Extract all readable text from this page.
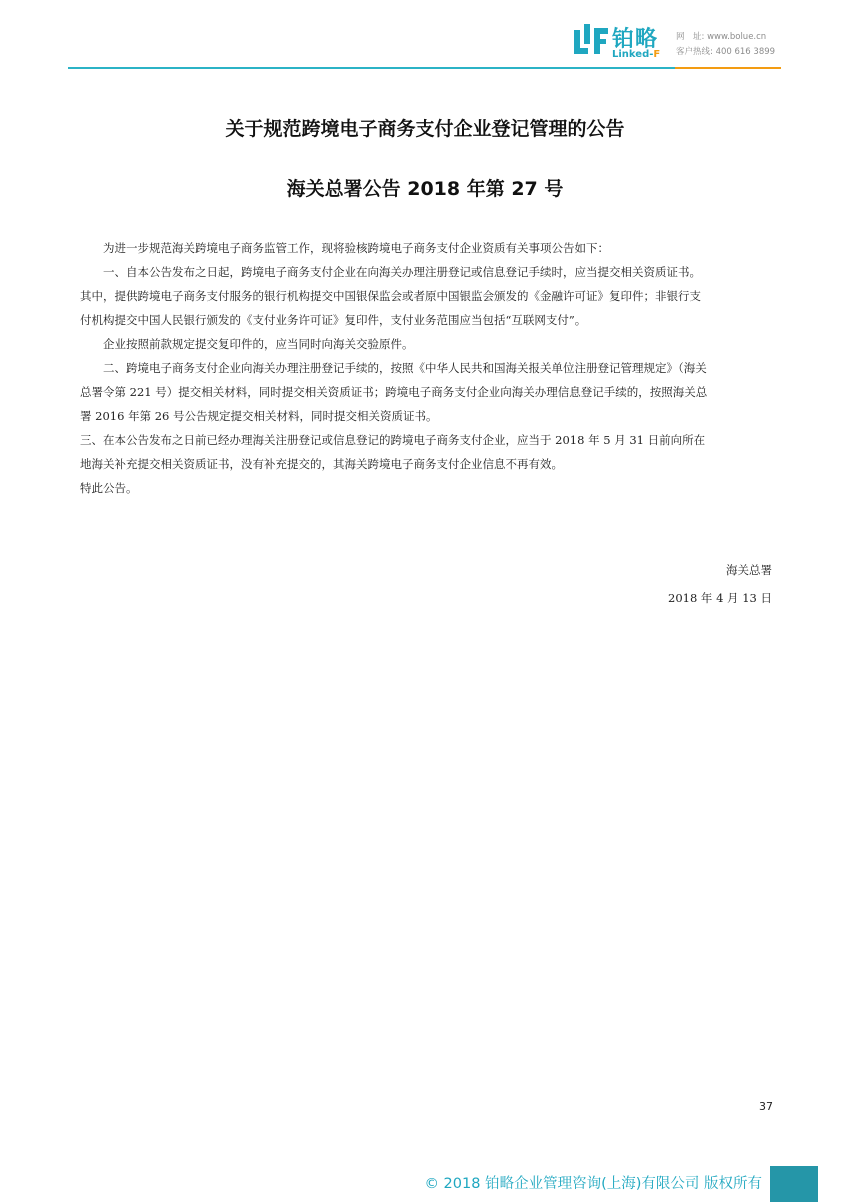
铂略
Linked-F
网　址: www.bolue.cn
客户热线: 400 616 3899
关于规范跨境电子商务支付企业登记管理的公告
海关总署公告 2018 年第 27 号

为进一步规范海关跨境电子商务监管工作，现将验核跨境电子商务支付企业资质有关事项公告如下：

一、自本公告发布之日起，跨境电子商务支付企业在向海关办理注册登记或信息登记手续时，应当提交相关资质证书。

其中，提供跨境电子商务支付服务的银行机构提交中国银保监会或者原中国银监会颁发的《金融许可证》复印件；非银行支

付机构提交中国人民银行颁发的《支付业务许可证》复印件，支付业务范围应当包括“互联网支付”。

企业按照前款规定提交复印件的，应当同时向海关交验原件。

二、跨境电子商务支付企业向海关办理注册登记手续的，按照《中华人民共和国海关报关单位注册登记管理规定》（海关

总署令第 221 号）提交相关材料，同时提交相关资质证书；跨境电子商务支付企业向海关办理信息登记手续的，按照海关总

署 2016 年第 26 号公告规定提交相关材料，同时提交相关资质证书。

三、在本公告发布之日前已经办理海关注册登记或信息登记的跨境电子商务支付企业，应当于 2018 年 5 月 31 日前向所在

地海关补充提交相关资质证书，没有补充提交的，其海关跨境电子商务支付企业信息不再有效。

特此公告。

海关总署
2018 年 4 月 13 日
37
© 2018 铂略企业管理咨询(上海)有限公司 版权所有
